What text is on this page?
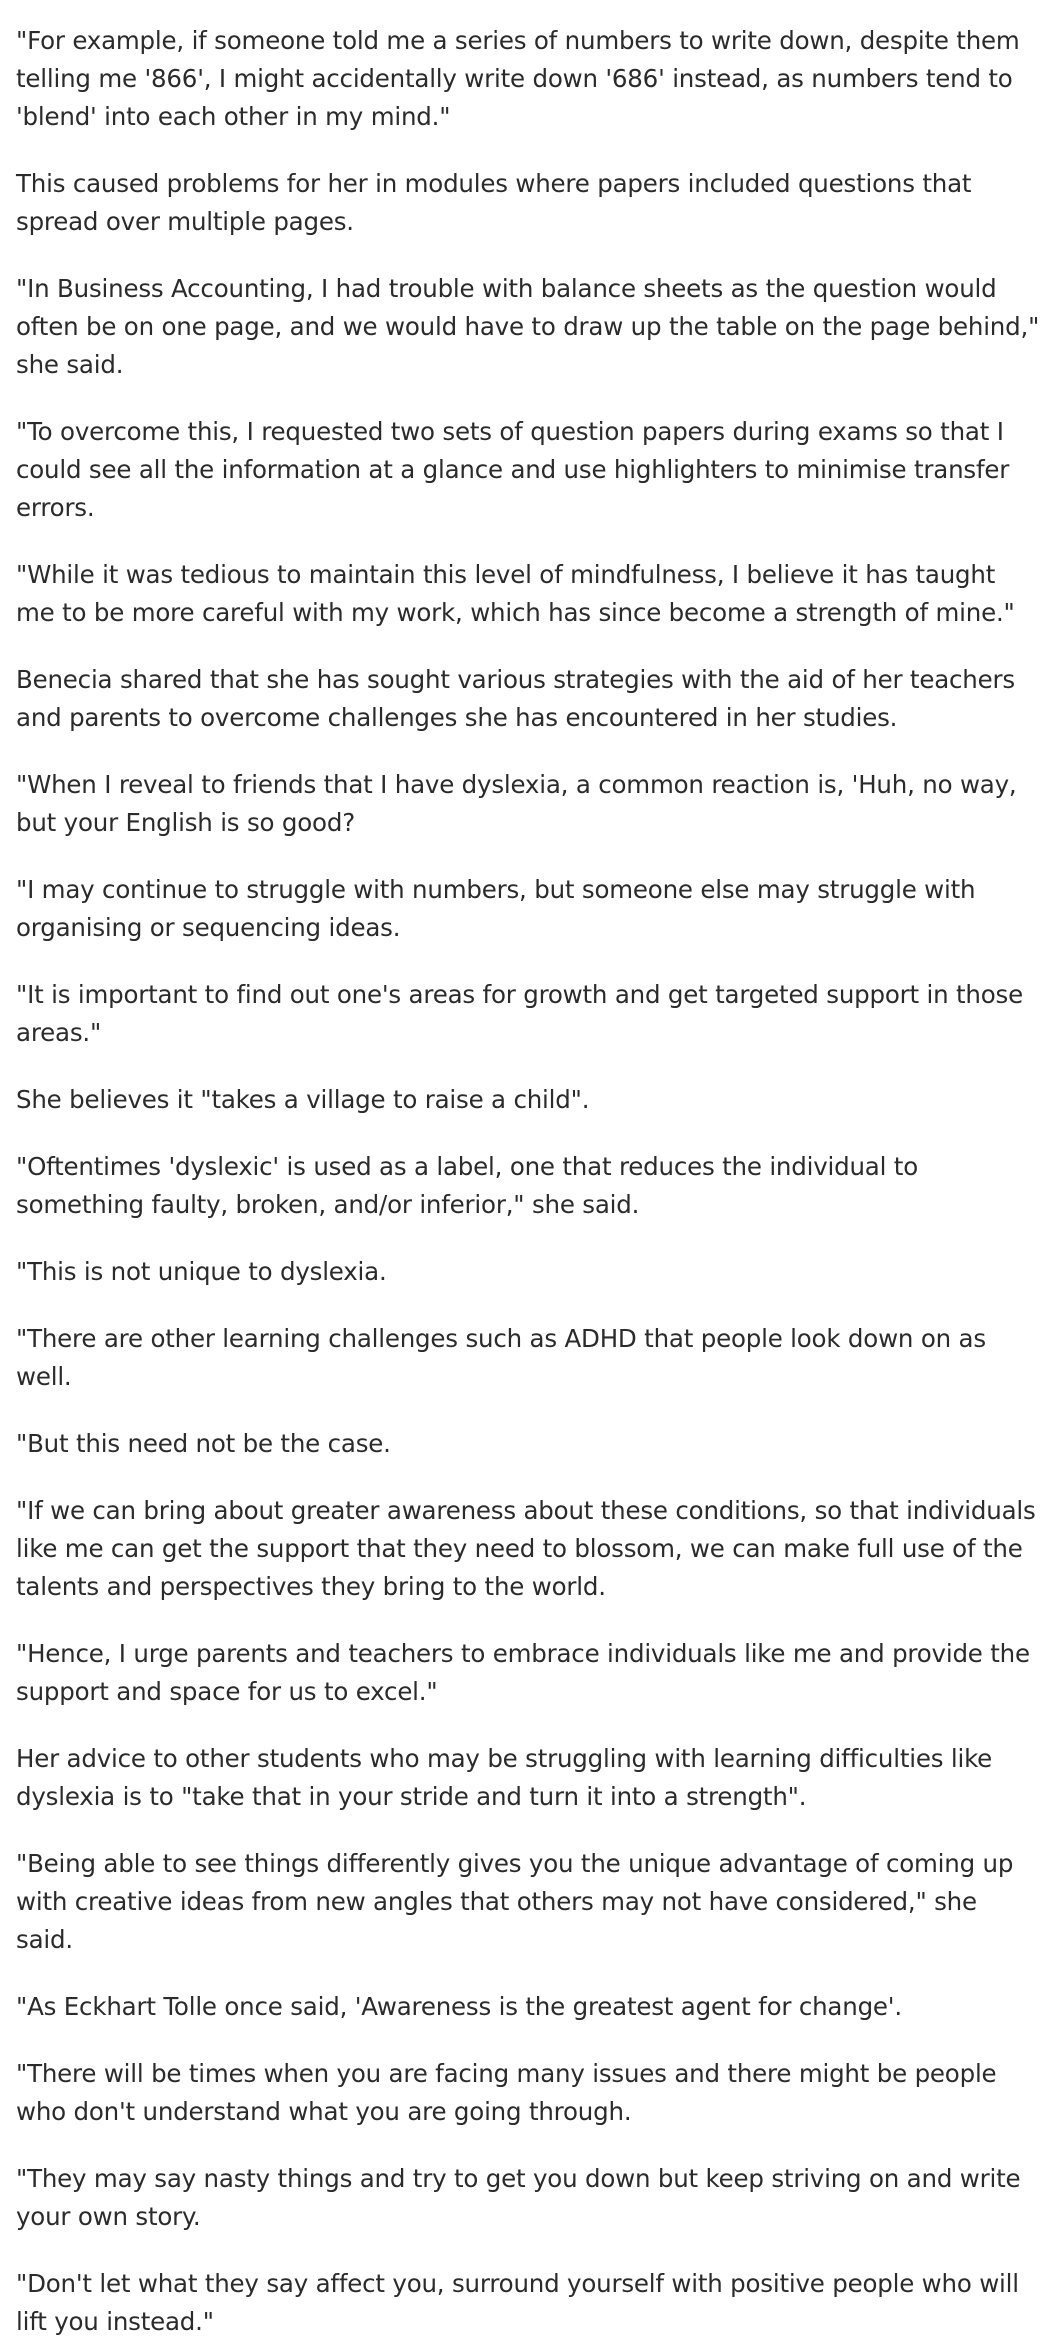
"For example, if someone told me a series of numbers to write down, despite them telling me '866', I might accidentally write down '686' instead, as numbers tend to 'blend' into each other in my mind."

This caused problems for her in modules where papers included questions that spread over multiple pages.

"In Business Accounting, I had trouble with balance sheets as the question would often be on one page, and we would have to draw up the table on the page behind," she said.

"To overcome this, I requested two sets of question papers during exams so that I could see all the information at a glance and use highlighters to minimise transfer errors.

"While it was tedious to maintain this level of mindfulness, I believe it has taught me to be more careful with my work, which has since become a strength of mine."

Benecia shared that she has sought various strategies with the aid of her teachers and parents to overcome challenges she has encountered in her studies.

"When I reveal to friends that I have dyslexia, a common reaction is, 'Huh, no way, but your English is so good?

"I may continue to struggle with numbers, but someone else may struggle with organising or sequencing ideas.

"It is important to find out one's areas for growth and get targeted support in those areas."

She believes it "takes a village to raise a child".

"Oftentimes 'dyslexic' is used as a label, one that reduces the individual to something faulty, broken, and/or inferior," she said.

"This is not unique to dyslexia.

"There are other learning challenges such as ADHD that people look down on as well.

"But this need not be the case.

"If we can bring about greater awareness about these conditions, so that individuals like me can get the support that they need to blossom, we can make full use of the talents and perspectives they bring to the world.

"Hence, I urge parents and teachers to embrace individuals like me and provide the support and space for us to excel."

Her advice to other students who may be struggling with learning difficulties like dyslexia is to "take that in your stride and turn it into a strength".

"Being able to see things differently gives you the unique advantage of coming up with creative ideas from new angles that others may not have considered," she said.

"As Eckhart Tolle once said, 'Awareness is the greatest agent for change'.

"There will be times when you are facing many issues and there might be people who don't understand what you are going through.

"They may say nasty things and try to get you down but keep striving on and write your own story.

"Don't let what they say affect you, surround yourself with positive people who will lift you instead."
